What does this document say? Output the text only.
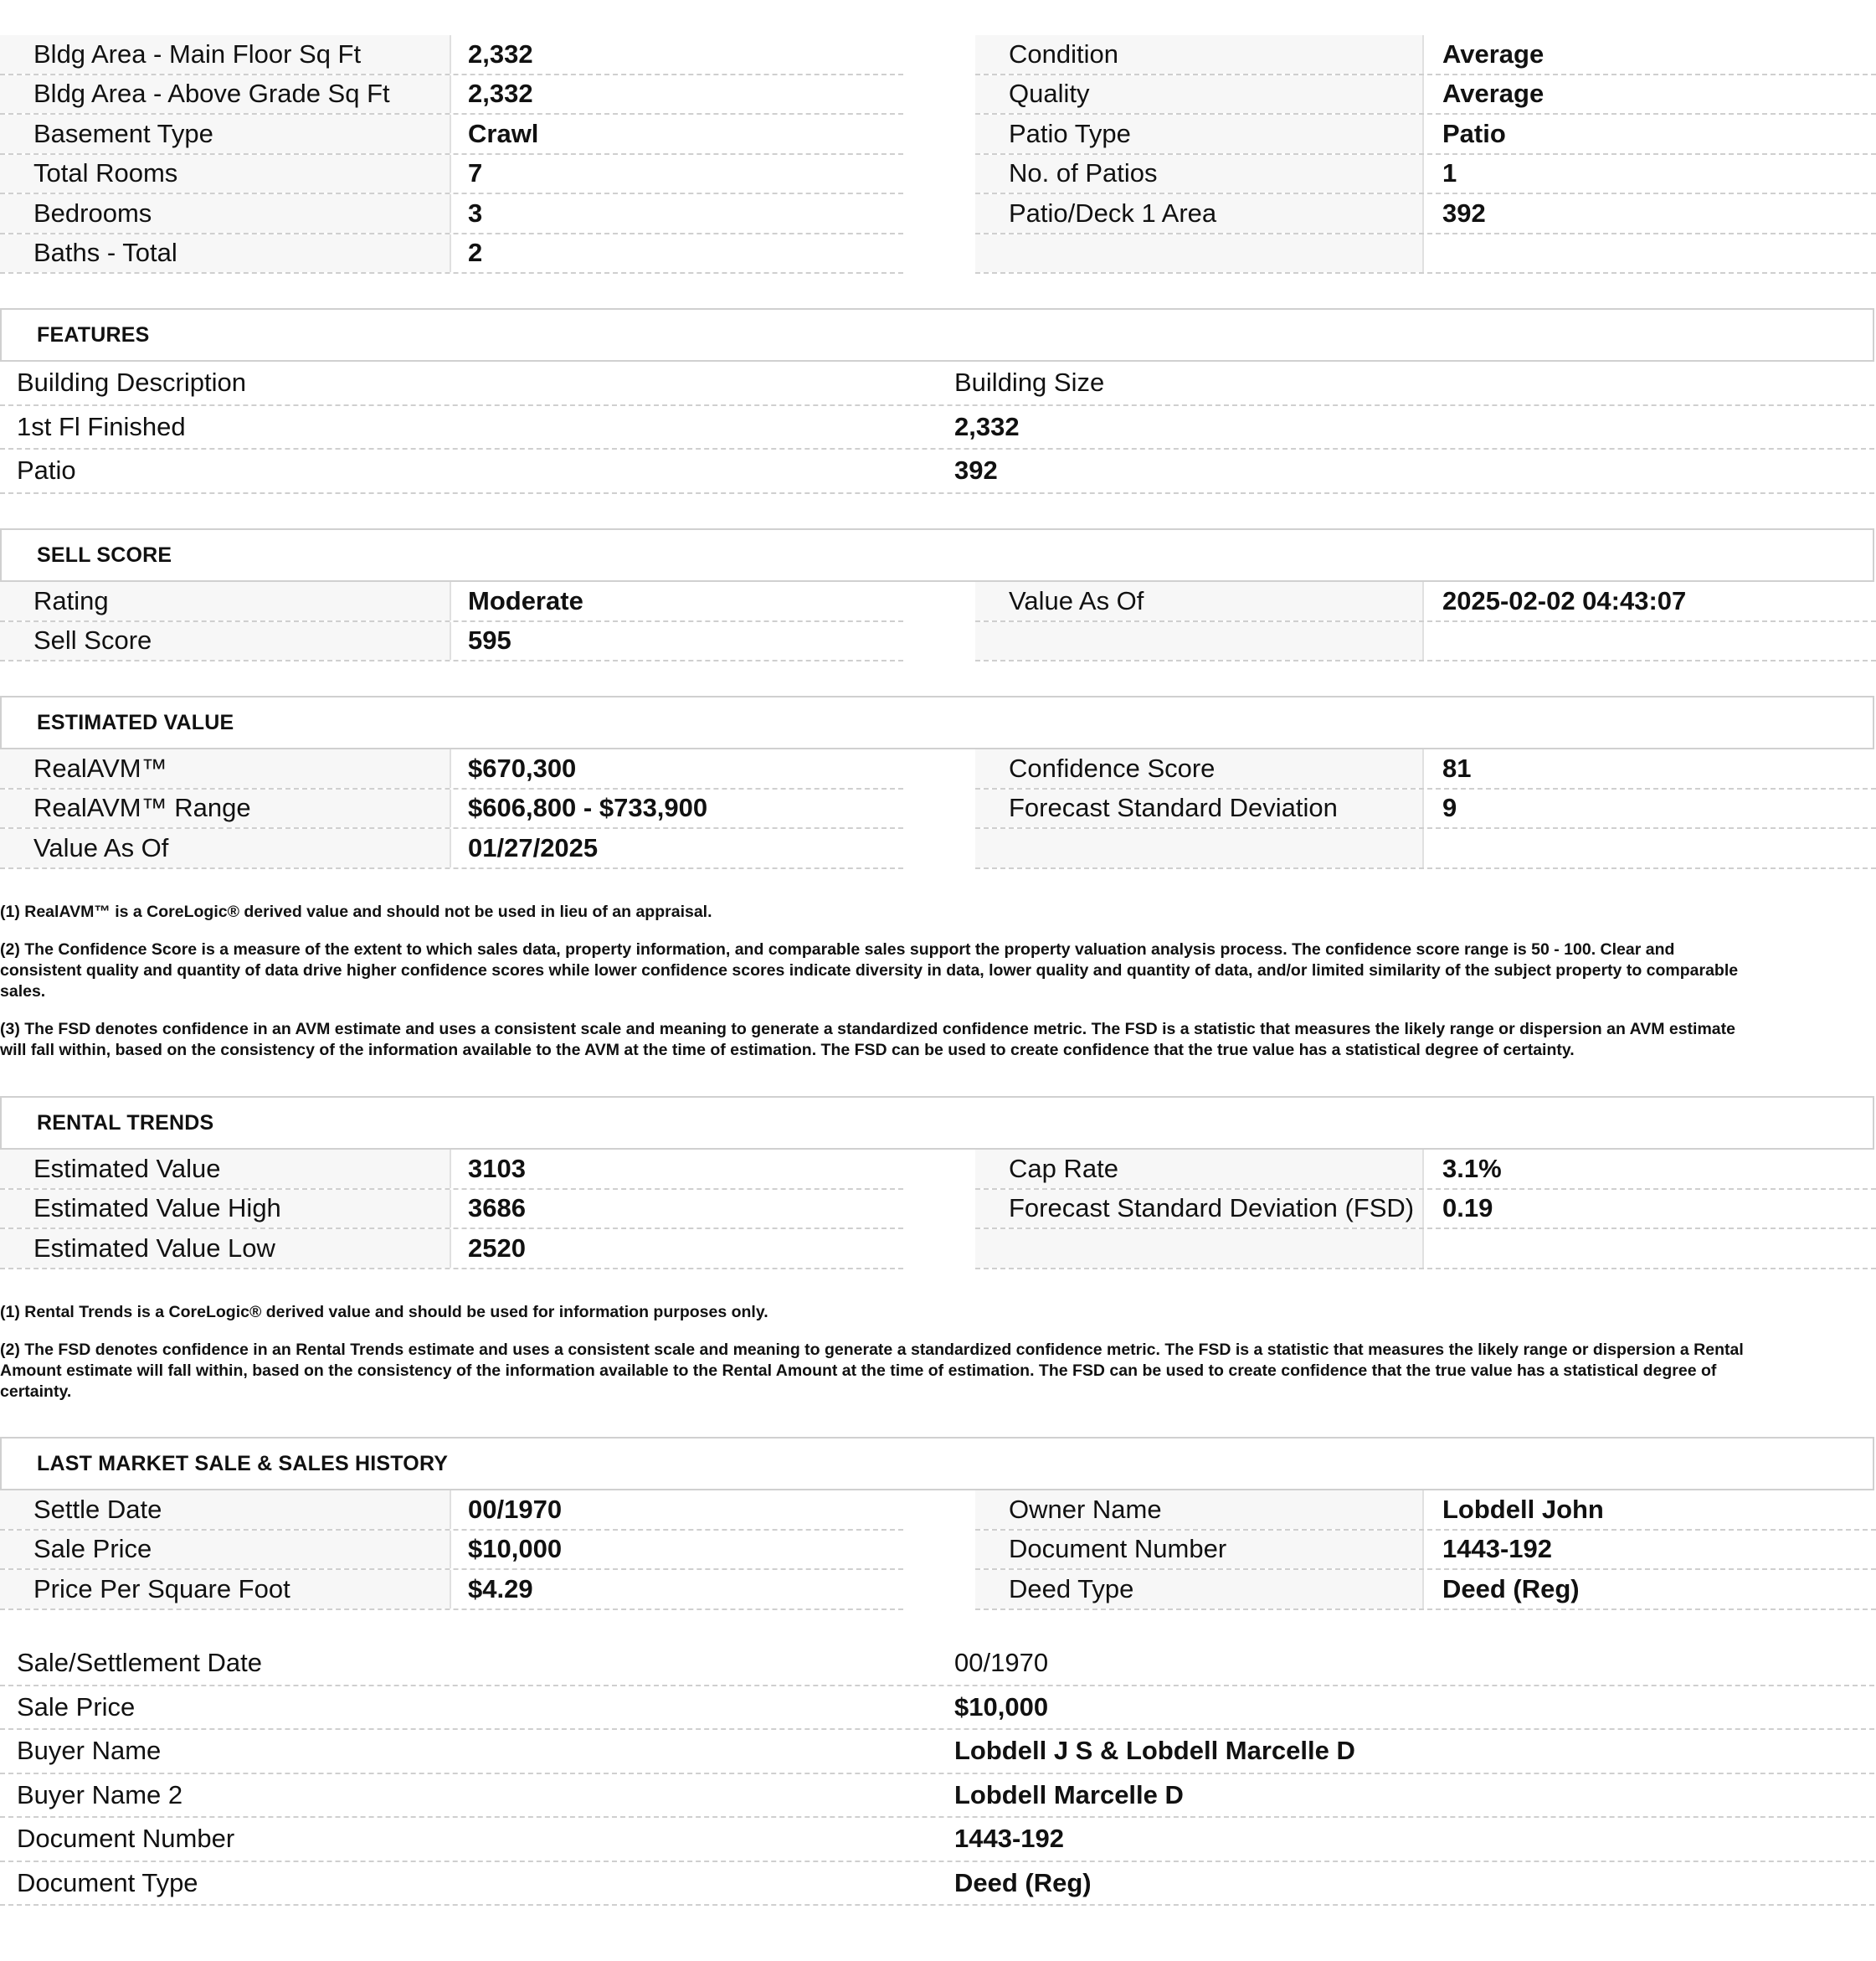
Bldg Area - Main Floor Sq Ft	2,332
Bldg Area - Above Grade Sq Ft	2,332
Basement Type	Crawl
Total Rooms	7
Bedrooms	3
Baths - Total	2
Condition	Average
Quality	Average
Patio Type	Patio
No. of Patios	1
Patio/Deck 1 Area	392
FEATURES
Building Description	Building Size
1st Fl Finished	2,332
Patio	392
SELL SCORE
Rating	Moderate
Sell Score	595
Value As Of	2025-02-02 04:43:07
ESTIMATED VALUE
RealAVM™	$670,300
RealAVM™ Range	$606,800 - $733,900
Value As Of	01/27/2025
Confidence Score	81
Forecast Standard Deviation	9

(1) RealAVM™ is a CoreLogic® derived value and should not be used in lieu of an appraisal.

(2) The Confidence Score is a measure of the extent to which sales data, property information, and comparable sales support the property valuation analysis process. The confidence score range is 50 - 100. Clear and consistent quality and quantity of data drive higher confidence scores while lower confidence scores indicate diversity in data, lower quality and quantity of data, and/or limited similarity of the subject property to comparable sales.

(3) The FSD denotes confidence in an AVM estimate and uses a consistent scale and meaning to generate a standardized confidence metric. The FSD is a statistic that measures the likely range or dispersion an AVM estimate will fall within, based on the consistency of the information available to the AVM at the time of estimation. The FSD can be used to create confidence that the true value has a statistical degree of certainty.

RENTAL TRENDS
Estimated Value	3103
Estimated Value High	3686
Estimated Value Low	2520
Cap Rate	3.1%
Forecast Standard Deviation (FSD)	0.19

(1) Rental Trends is a CoreLogic® derived value and should be used for information purposes only.

(2) The FSD denotes confidence in an Rental Trends estimate and uses a consistent scale and meaning to generate a standardized confidence metric. The FSD is a statistic that measures the likely range or dispersion a Rental Amount estimate will fall within, based on the consistency of the information available to the Rental Amount at the time of estimation. The FSD can be used to create confidence that the true value has a statistical degree of certainty.

LAST MARKET SALE & SALES HISTORY
Settle Date	00/1970
Sale Price	$10,000
Price Per Square Foot	$4.29
Owner Name	Lobdell John
Document Number	1443-192
Deed Type	Deed (Reg)
Sale/Settlement Date	00/1970
Sale Price	$10,000
Buyer Name	Lobdell J S & Lobdell Marcelle D
Buyer Name 2	Lobdell Marcelle D
Document Number	1443-192
Document Type	Deed (Reg)
